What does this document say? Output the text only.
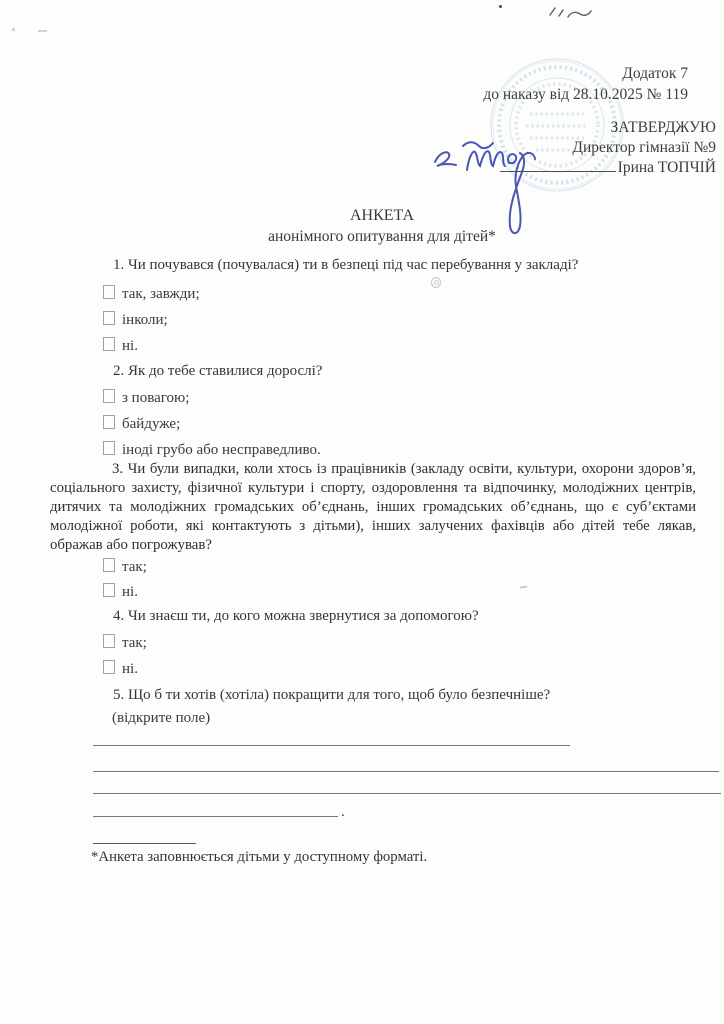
Додаток 7
до наказу від 28.10.2025 № 119
ЗАТВЕРДЖУЮ
Директор гімназії №9
Ірина ТОПЧІЙ
АНКЕТА
анонімного опитування для дітей*
1. Чи почувався (почувалася) ти в безпеці під час перебування у закладі?
так, завжди;
інколи;
ні.
2. Як до тебе ставилися дорослі?
з повагою;
байдуже;
іноді грубо або несправедливо.
3. Чи були випадки, коли хтось із працівників (закладу освіти, культури, охорони здоров’я, соціального захисту, фізичної культури і спорту, оздоровлення та відпочинку, молодіжних центрів, дитячих та молодіжних громадських об’єднань, інших громадських об’єднань, що є суб’єктами молодіжної роботи, які контактують з дітьми), інших залучених фахівців або дітей тебе лякав, ображав або погрожував?
так;
ні.
4. Чи знаєш ти, до кого можна звернутися за допомогою?
так;
ні.
5. Що б ти хотів (хотіла) покращити для того, щоб було безпечніше?
(відкрите поле)
.
*Анкета заповнюється дітьми у доступному форматі.
